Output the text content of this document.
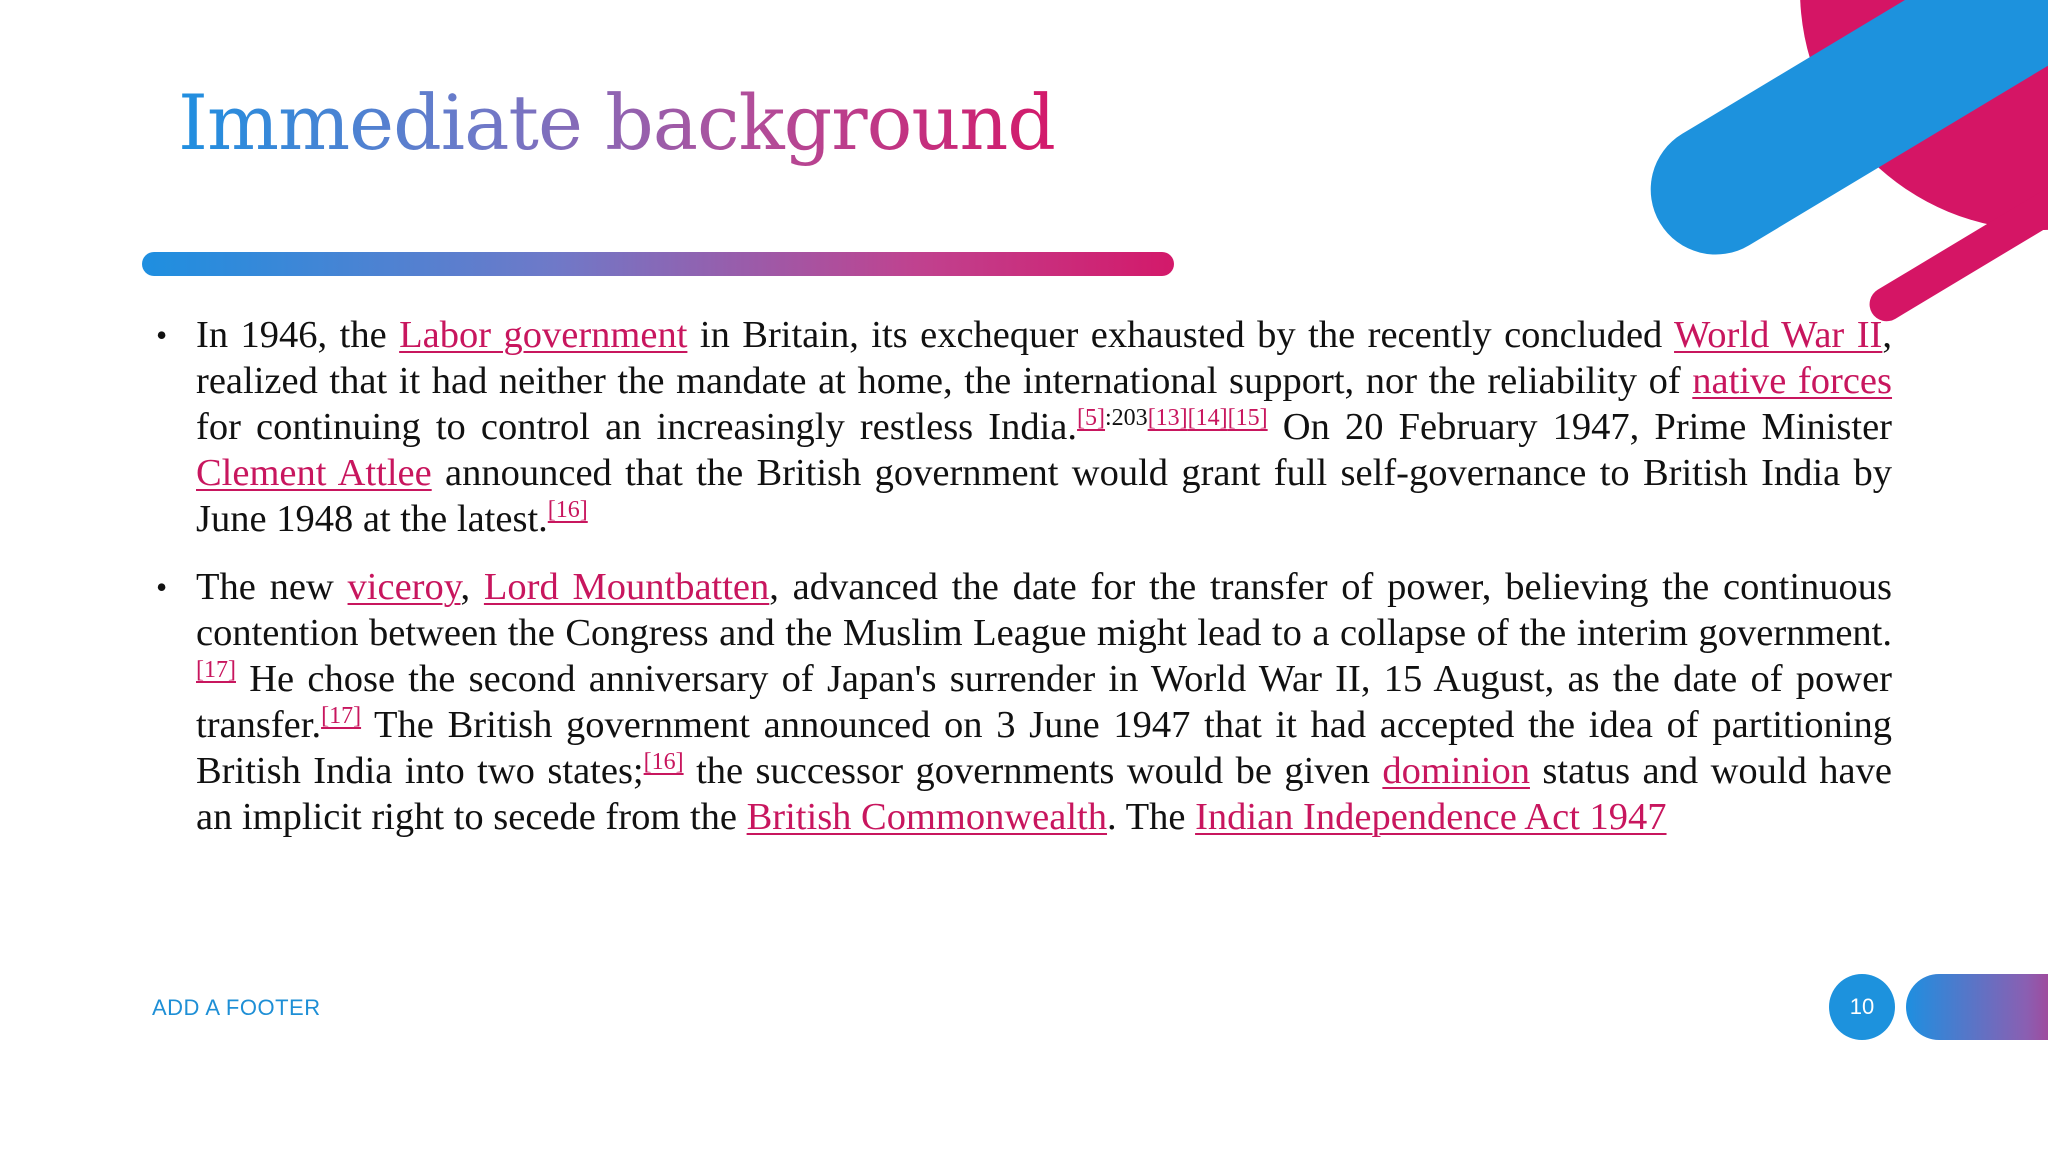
Immediate background
• In 1946, the Labor government in Britain, its exchequer exhausted by the recently concluded World War II, realized that it had neither the mandate at home, the international support, nor the reliability of native forces for continuing to control an increasingly restless India.[5]:203[13][14][15] On 20 February 1947, Prime Minister Clement Attlee announced that the British government would grant full self-governance to British India by June 1948 at the latest.[16]
• The new viceroy, Lord Mountbatten, advanced the date for the transfer of power, believing the continuous contention between the Congress and the Muslim League might lead to a collapse of the interim government.[17] He chose the second anniversary of Japan's surrender in World War II, 15 August, as the date of power transfer.[17] The British government announced on 3 June 1947 that it had accepted the idea of partitioning British India into two states;[16] the successor governments would be given dominion status and would have an implicit right to secede from the British Commonwealth. The Indian Independence Act 1947
ADD A FOOTER	10
